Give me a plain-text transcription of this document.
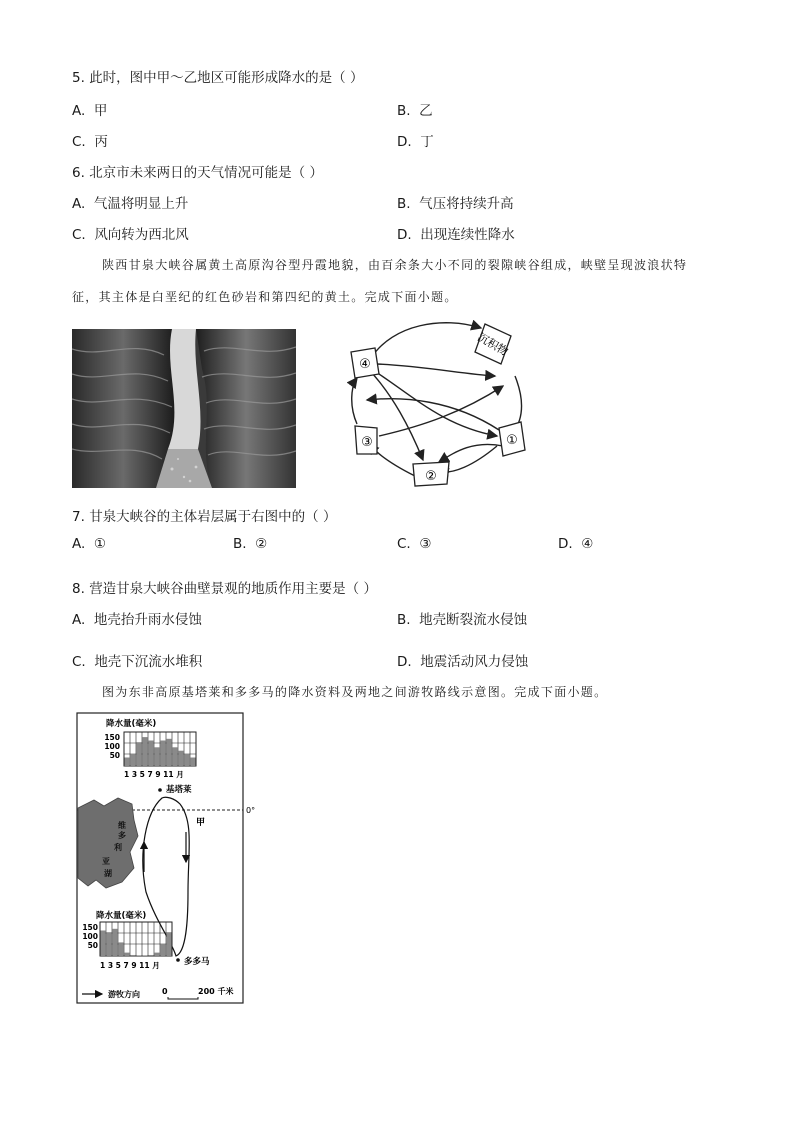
5. 此时，图中甲～乙地区可能形成降水的是（ ）
A. 甲	B. 乙
C. 丙	D. 丁
6. 北京市未来两日的天气情况可能是（ ）
A. 气温将明显上升	B. 气压将持续升高
C. 风向转为西北风	D. 出现连续性降水
陕西甘泉大峡谷属黄土高原沟谷型丹霞地貌，由百余条大小不同的裂隙峡谷组成，峡壁呈现波浪状特
征，其主体是白垩纪的红色砂岩和第四纪的黄土。完成下面小题。
④
沉积物
①
②
③
7. 甘泉大峡谷的主体岩层属于右图中的（ ）
A. ①	B. ②	C. ③	D. ④
8. 营造甘泉大峡谷曲壁景观的地质作用主要是（ ）
A. 地壳抬升雨水侵蚀	B. 地壳断裂流水侵蚀
C. 地壳下沉流水堆积	D. 地震活动风力侵蚀
图为东非高原基塔莱和多多马的降水资料及两地之间游牧路线示意图。完成下面小题。
降水量(毫米)
150
100
50
1 3 5 7 9 11 月
0°
维
多
利
亚
湖
基塔莱
多多马
甲
降水量(毫米)
150
100
50
1 3 5 7 9 11 月
游牧方向	0	200 千米
